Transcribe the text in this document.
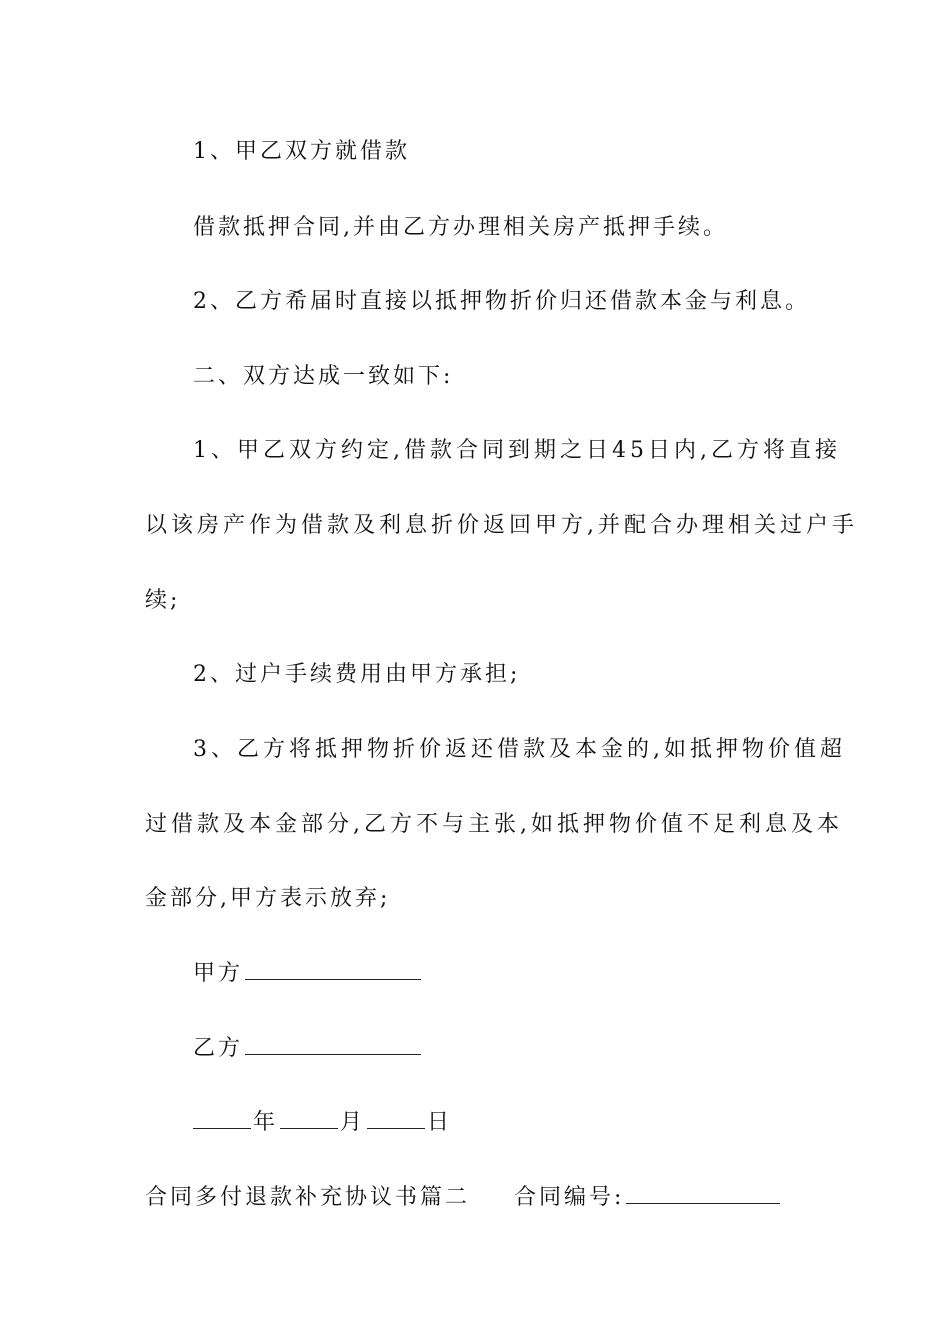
1、甲乙双方就借款
借款抵押合同,并由乙方办理相关房产抵押手续。
2、乙方希届时直接以抵押物折价归还借款本金与利息。
二、双方达成一致如下:
1、甲乙双方约定,借款合同到期之日45日内,乙方将直接
以该房产作为借款及利息折价返回甲方,并配合办理相关过户手
续;
2、过户手续费用由甲方承担;
3、乙方将抵押物折价返还借款及本金的,如抵押物价值超
过借款及本金部分,乙方不与主张,如抵押物价值不足利息及本
金部分,甲方表示放弃;
甲方
乙方
年	月	日
合同多付退款补充协议书篇二 合同编号:
